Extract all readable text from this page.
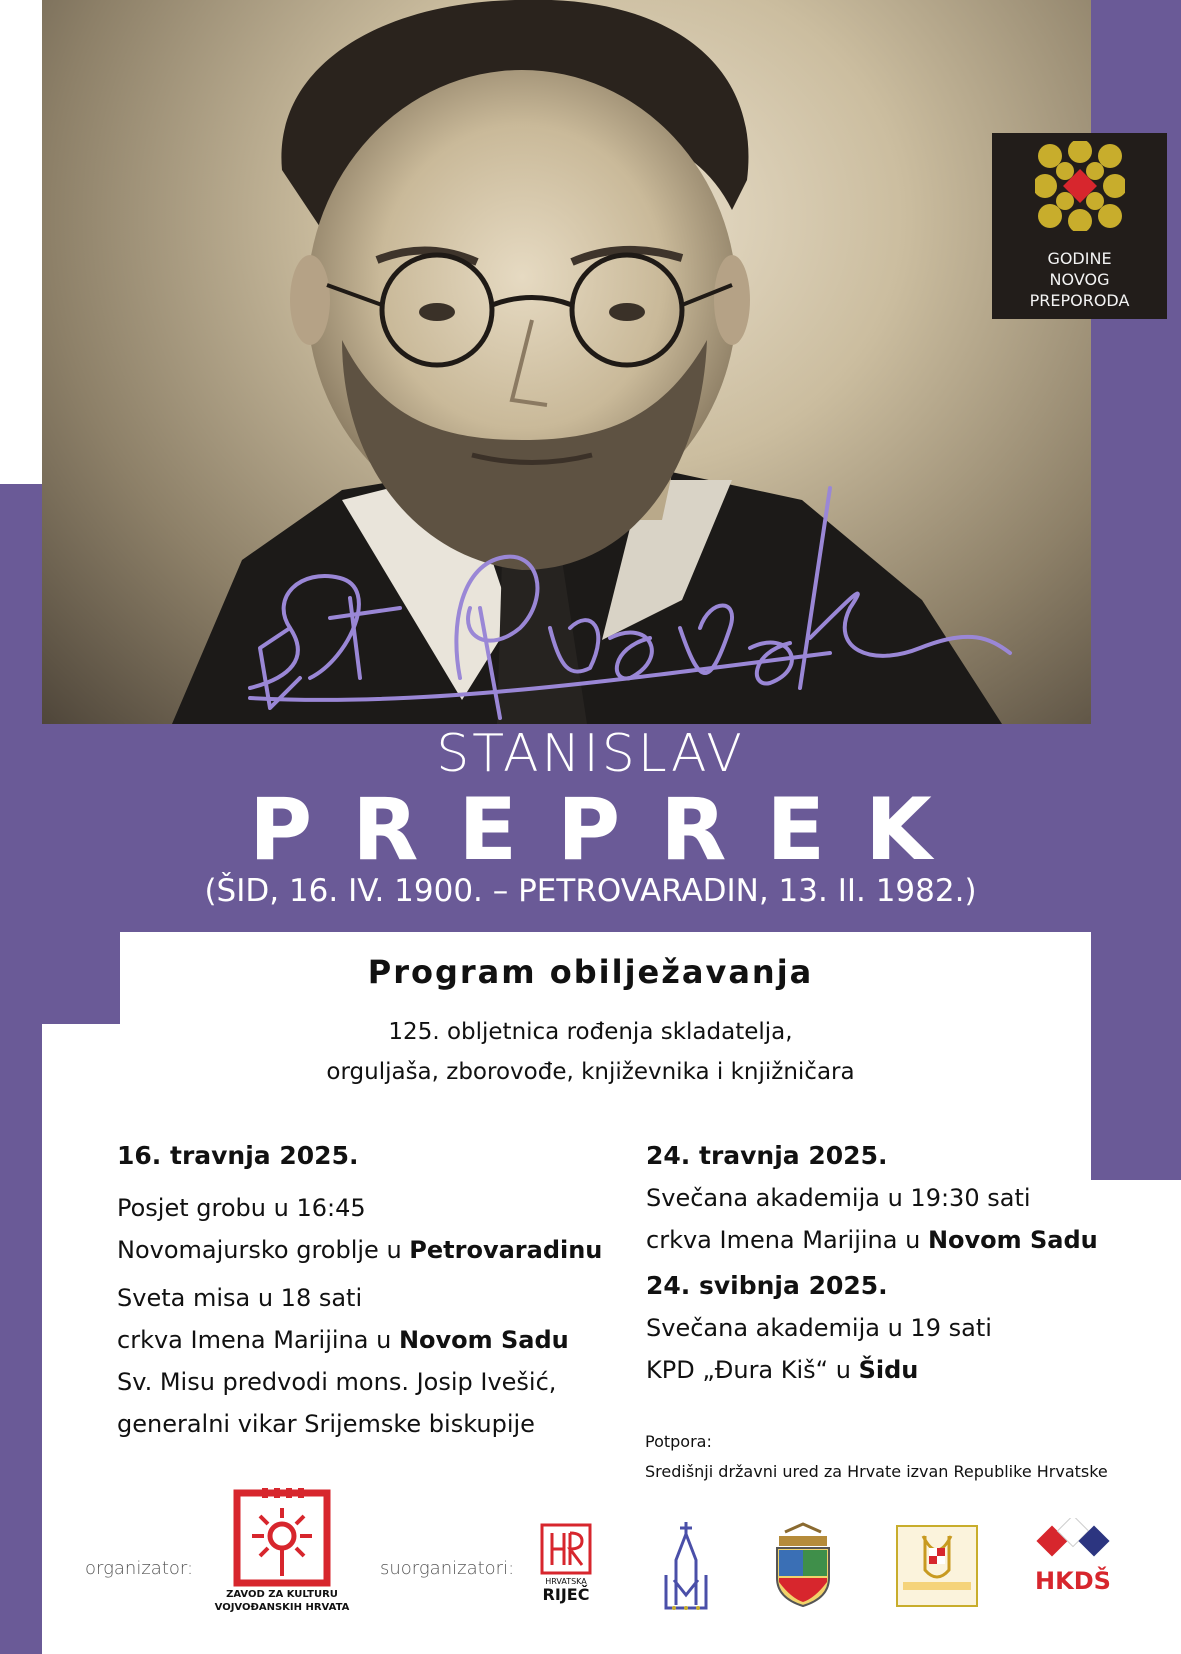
GODINE
NOVOG
PREPORODA
STANISLAV
PREPREK
(ŠID, 16. IV. 1900. – PETROVARADIN, 13. II. 1982.)
Program obilježavanja
125. obljetnica rođenja skladatelja,
orguljaša, zborovođe, književnika i knjižničara
16. travnja 2025.
Posjet grobu u 16:45
Novomajursko groblje u Petrovaradinu
Sveta misa u 18 sati
crkva Imena Marijina u Novom Sadu
Sv. Misu predvodi mons. Josip Ivešić,
generalni vikar Srijemske biskupije
24. travnja 2025.
Svečana akademija u 19:30 sati
crkva Imena Marijina u Novom Sadu
24. svibnja 2025.
Svečana akademija u 19 sati
KPD „Đura Kiš“ u Šidu
Potpora:
Središnji državni ured za Hrvate izvan Republike Hrvatske
organizator:
ZAVOD ZA KULTURU
VOJVOĐANSKIH HRVATA
suorganizatori:
HRVATSKA
RIJEČ	HKDŠ
